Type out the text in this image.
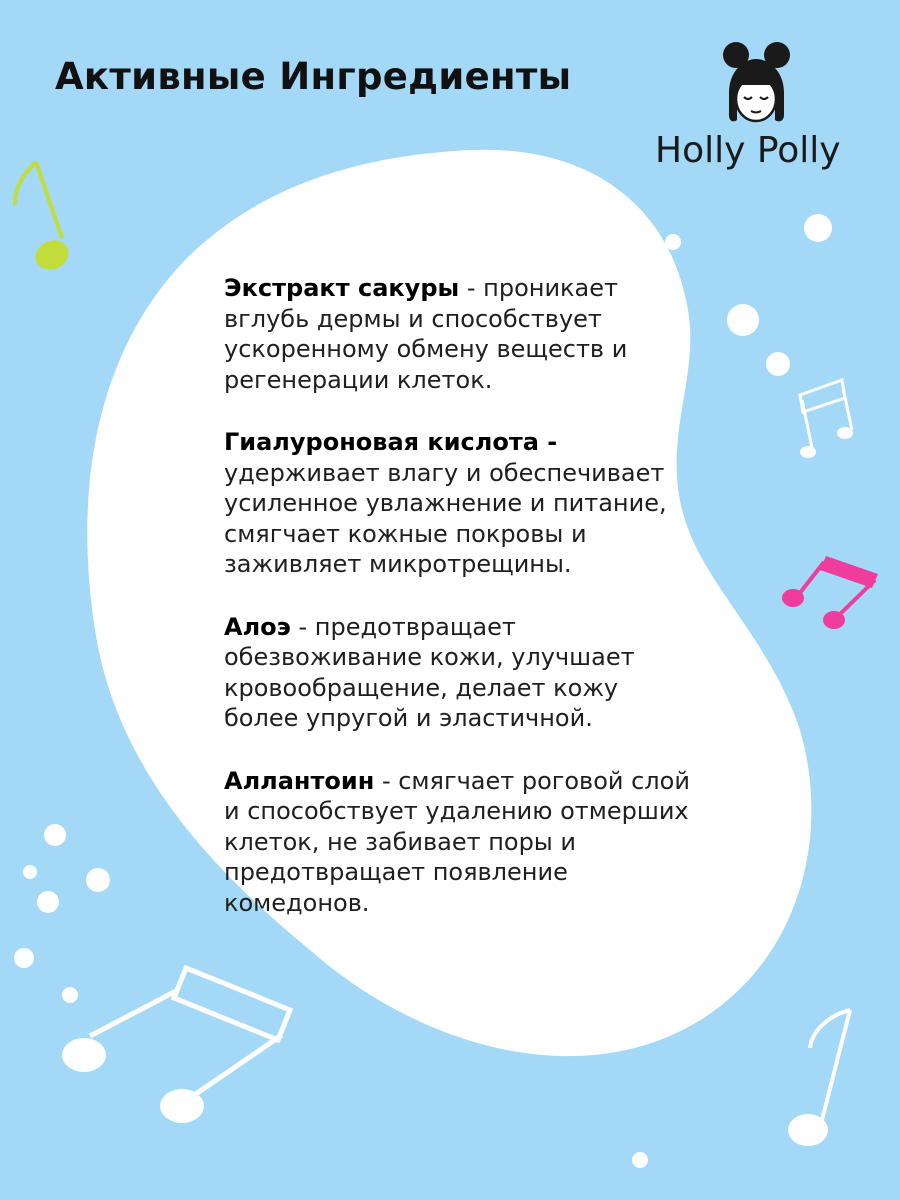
Активные Ингредиенты
Holly Polly

Экстракт сакуры - проникает вглубь дермы и способствует ускоренному обмену веществ и регенерации клеток.

Гиалуроновая кислота - удерживает влагу и обеспечивает усиленное увлажнение и питание, смягчает кожные покровы и заживляет микротрещины.

Алоэ - предотвращает обезвоживание кожи, улучшает кровообращение, делает кожу более упругой и эластичной.

Аллантоин - смягчает роговой слой и способствует удалению отмерших клеток, не забивает поры и предотвращает появление комедонов.
